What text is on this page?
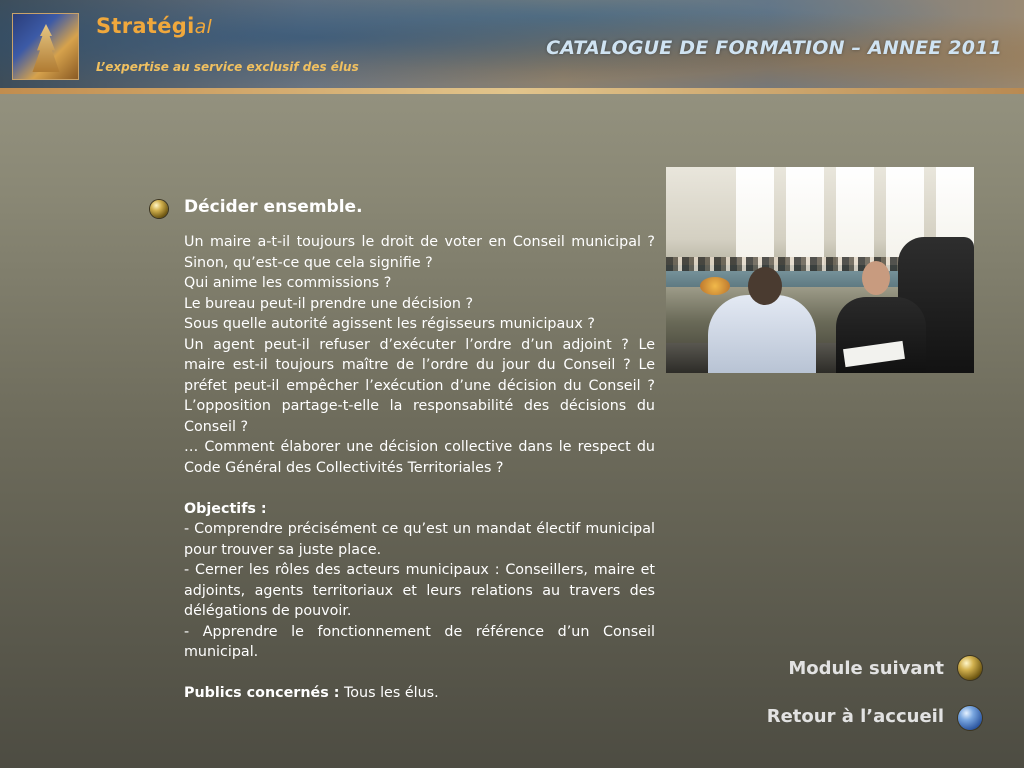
Stratégial
L’expertise au service exclusif des élus
CATALOGUE DE FORMATION – ANNEE 2011
Décider ensemble.

Un maire a-t-il toujours le droit de voter en Conseil municipal ? Sinon, qu’est-ce que cela signifie ?

Qui anime les commissions ?

Le bureau peut-il prendre une décision ?

Sous quelle autorité agissent les régisseurs municipaux ?

Un agent peut-il refuser d’exécuter l’ordre d’un adjoint ? Le maire est-il toujours maître de l’ordre du jour du Conseil ? Le préfet peut-il empêcher l’exécution d’une décision du Conseil ? L’opposition partage-t-elle la responsabilité des décisions du Conseil ?

… Comment élaborer une décision collective dans le respect du Code Général des Collectivités Territoriales ?

Objectifs :

- Comprendre précisément ce qu’est un mandat électif municipal pour trouver sa juste place.

- Cerner les rôles des acteurs municipaux : Conseillers, maire et adjoints, agents territoriaux et leurs relations au travers des délégations de pouvoir.

- Apprendre le fonctionnement de référence d’un Conseil municipal.

Publics concernés : Tous les élus.

Module suivant
Retour à l’accueil
